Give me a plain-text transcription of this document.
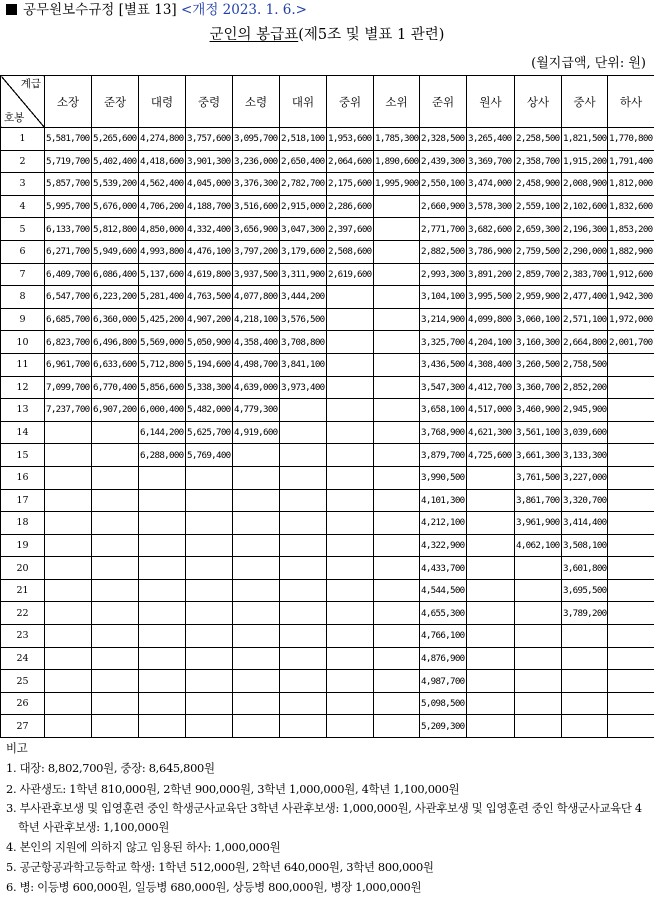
공무원보수규정 [별표 13] <개정 2023. 1. 6.>
군인의 봉급표(제5조 및 별표 1 관련)
(월지급액, 단위: 원)
계급
호봉	소장	준장	대령	중령	소령	대위	중위	소위	준위	원사	상사	중사	하사
1	5,581,700	5,265,600	4,274,800	3,757,600	3,095,700	2,518,100	1,953,600	1,785,300	2,328,500	3,265,400	2,258,500	1,821,500	1,770,800
2	5,719,700	5,402,400	4,418,600	3,901,300	3,236,000	2,650,400	2,064,600	1,890,600	2,439,300	3,369,700	2,358,700	1,915,200	1,791,400
3	5,857,700	5,539,200	4,562,400	4,045,000	3,376,300	2,782,700	2,175,600	1,995,900	2,550,100	3,474,000	2,458,900	2,008,900	1,812,000
4	5,995,700	5,676,000	4,706,200	4,188,700	3,516,600	2,915,000	2,286,600		2,660,900	3,578,300	2,559,100	2,102,600	1,832,600
5	6,133,700	5,812,800	4,850,000	4,332,400	3,656,900	3,047,300	2,397,600		2,771,700	3,682,600	2,659,300	2,196,300	1,853,200
6	6,271,700	5,949,600	4,993,800	4,476,100	3,797,200	3,179,600	2,508,600		2,882,500	3,786,900	2,759,500	2,290,000	1,882,900
7	6,409,700	6,086,400	5,137,600	4,619,800	3,937,500	3,311,900	2,619,600		2,993,300	3,891,200	2,859,700	2,383,700	1,912,600
8	6,547,700	6,223,200	5,281,400	4,763,500	4,077,800	3,444,200			3,104,100	3,995,500	2,959,900	2,477,400	1,942,300
9	6,685,700	6,360,000	5,425,200	4,907,200	4,218,100	3,576,500			3,214,900	4,099,800	3,060,100	2,571,100	1,972,000
10	6,823,700	6,496,800	5,569,000	5,050,900	4,358,400	3,708,800			3,325,700	4,204,100	3,160,300	2,664,800	2,001,700
11	6,961,700	6,633,600	5,712,800	5,194,600	4,498,700	3,841,100			3,436,500	4,308,400	3,260,500	2,758,500	
12	7,099,700	6,770,400	5,856,600	5,338,300	4,639,000	3,973,400			3,547,300	4,412,700	3,360,700	2,852,200	
13	7,237,700	6,907,200	6,000,400	5,482,000	4,779,300				3,658,100	4,517,000	3,460,900	2,945,900	
14			6,144,200	5,625,700	4,919,600				3,768,900	4,621,300	3,561,100	3,039,600	
15			6,288,000	5,769,400					3,879,700	4,725,600	3,661,300	3,133,300	
16									3,990,500		3,761,500	3,227,000	
17									4,101,300		3,861,700	3,320,700	
18									4,212,100		3,961,900	3,414,400	
19									4,322,900		4,062,100	3,508,100	
20									4,433,700			3,601,800	
21									4,544,500			3,695,500	
22									4,655,300			3,789,200	
23									4,766,100				
24									4,876,900				
25									4,987,700				
26									5,098,500				
27									5,209,300				
비고
1. 대장: 8,802,700원, 중장: 8,645,800원
2. 사관생도: 1학년 810,000원, 2학년 900,000원, 3학년 1,000,000원, 4학년 1,100,000원
3. 부사관후보생 및 입영훈련 중인 학생군사교육단 3학년 사관후보생: 1,000,000원, 사관후보생 및 입영훈련 중인 학생군사교육단 4학년 사관후보생: 1,100,000원
4. 본인의 지원에 의하지 않고 임용된 하사: 1,000,000원
5. 공군항공과학고등학교 학생: 1학년 512,000원, 2학년 640,000원, 3학년 800,000원
6. 병: 이등병 600,000원, 일등병 680,000원, 상등병 800,000원, 병장 1,000,000원
